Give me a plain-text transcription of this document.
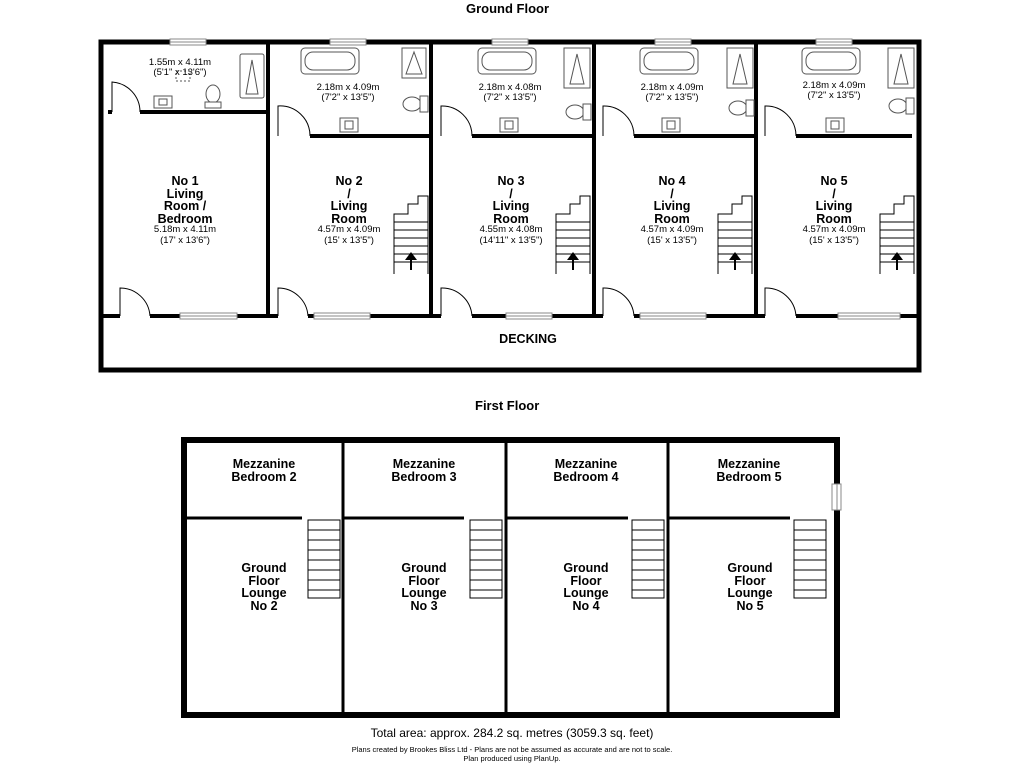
Ground Floor
1.55m x 4.11m
(5'1" x 13'6")
No 1
Living
Room /
Bedroom
5.18m x 4.11m
(17' x 13'6")
2.18m x 4.09m
(7'2" x 13'5")
No 2
/
Living
Room
4.57m x 4.09m
(15' x 13'5")
2.18m x 4.08m
(7'2" x 13'5")
No 3
/
Living
Room
4.55m x 4.08m
(14'11" x 13'5")
2.18m x 4.09m
(7'2" x 13'5")
No 4
/
Living
Room
4.57m x 4.09m
(15' x 13'5")
2.18m x 4.09m
(7'2" x 13'5")
No 5
/
Living
Room
4.57m x 4.09m
(15' x 13'5")
DECKING
First Floor
Mezzanine
Bedroom 2
Mezzanine
Bedroom 3
Mezzanine
Bedroom 4
Mezzanine
Bedroom 5
Ground
Floor
Lounge
No 2
Ground
Floor
Lounge
No 3
Ground
Floor
Lounge
No 4
Ground
Floor
Lounge
No 5
Total area: approx. 284.2 sq. metres (3059.3 sq. feet)
Plans created by Brookes Bliss Ltd - Plans are not be assumed as accurate and are not to scale.
Plan produced using PlanUp.
